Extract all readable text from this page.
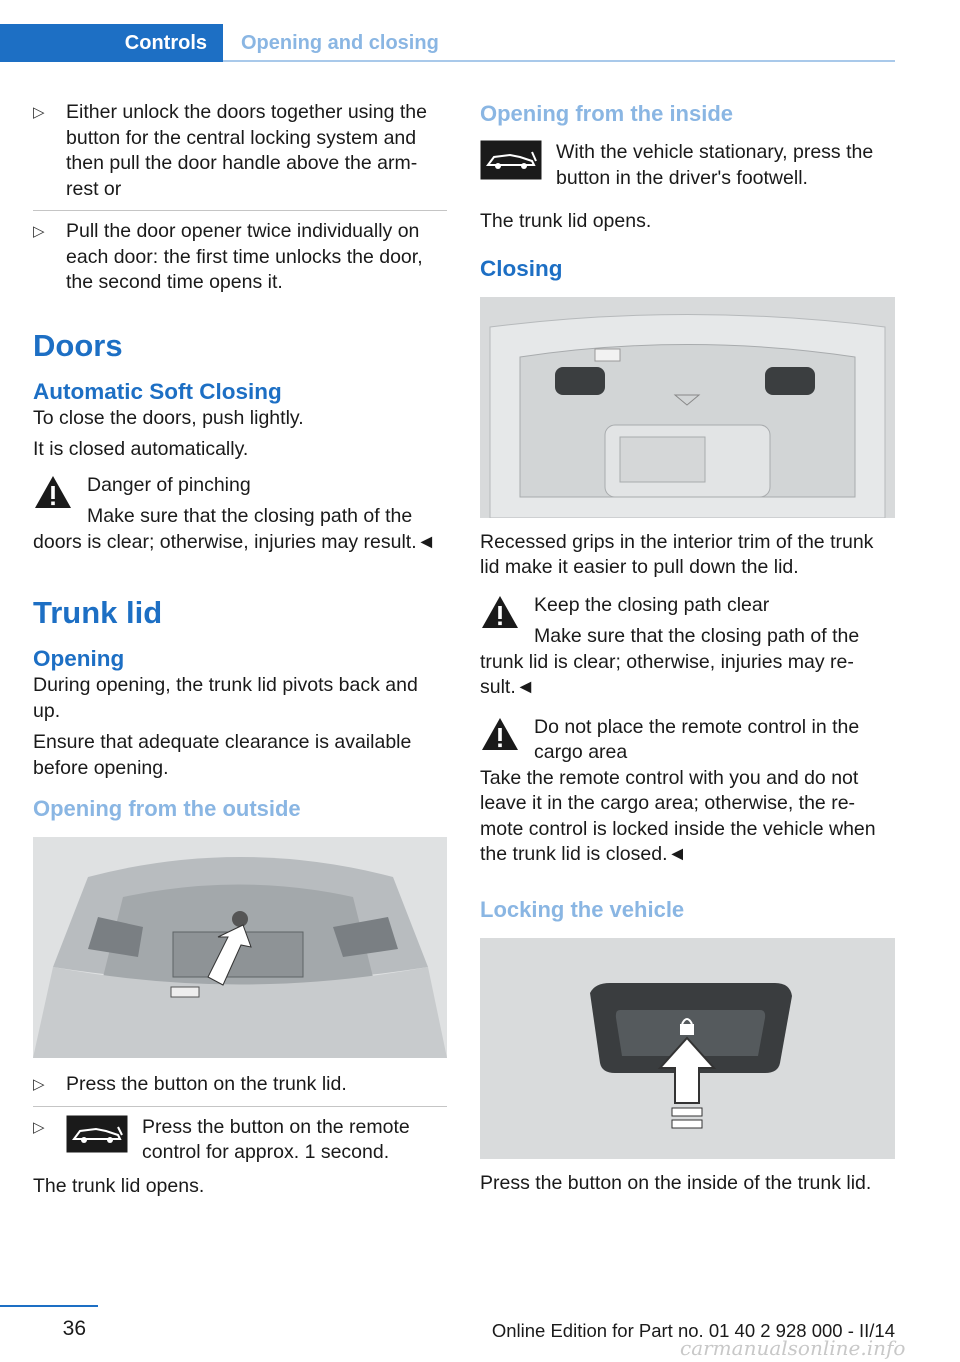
Controls	Opening and closing
▷ Either unlock the doors together using the button for the central locking system and then pull the door handle above the arm-rest or

▷ Pull the door opener twice individually on each door: the first time unlocks the door, the second time opens it.

Doors
Automatic Soft Closing

To close the doors, push lightly.

It is closed automatically.

Danger of pinching

Make sure that the closing path of the doors is clear; otherwise, injuries may result.◄

Trunk lid
Opening

During opening, the trunk lid pivots back and up.

Ensure that adequate clearance is available before opening.

Opening from the outside
▷ Press the button on the trunk lid.

▷	Press the button on the remote control for approx. 1 second.

The trunk lid opens.

Opening from the inside

With the vehicle stationary, press the button in the driver's footwell.

The trunk lid opens.

Closing

Recessed grips in the interior trim of the trunk lid make it easier to pull down the lid.

Keep the closing path clear

Make sure that the closing path of the trunk lid is clear; otherwise, injuries may re-sult.◄

Do not place the remote control in the cargo area

Take the remote control with you and do not leave it in the cargo area; otherwise, the re-mote control is locked inside the vehicle when the trunk lid is closed.◄

Locking the vehicle

Press the button on the inside of the trunk lid.

36	Online Edition for Part no. 01 40 2 928 000 - II/14
carmanualsonline.info
